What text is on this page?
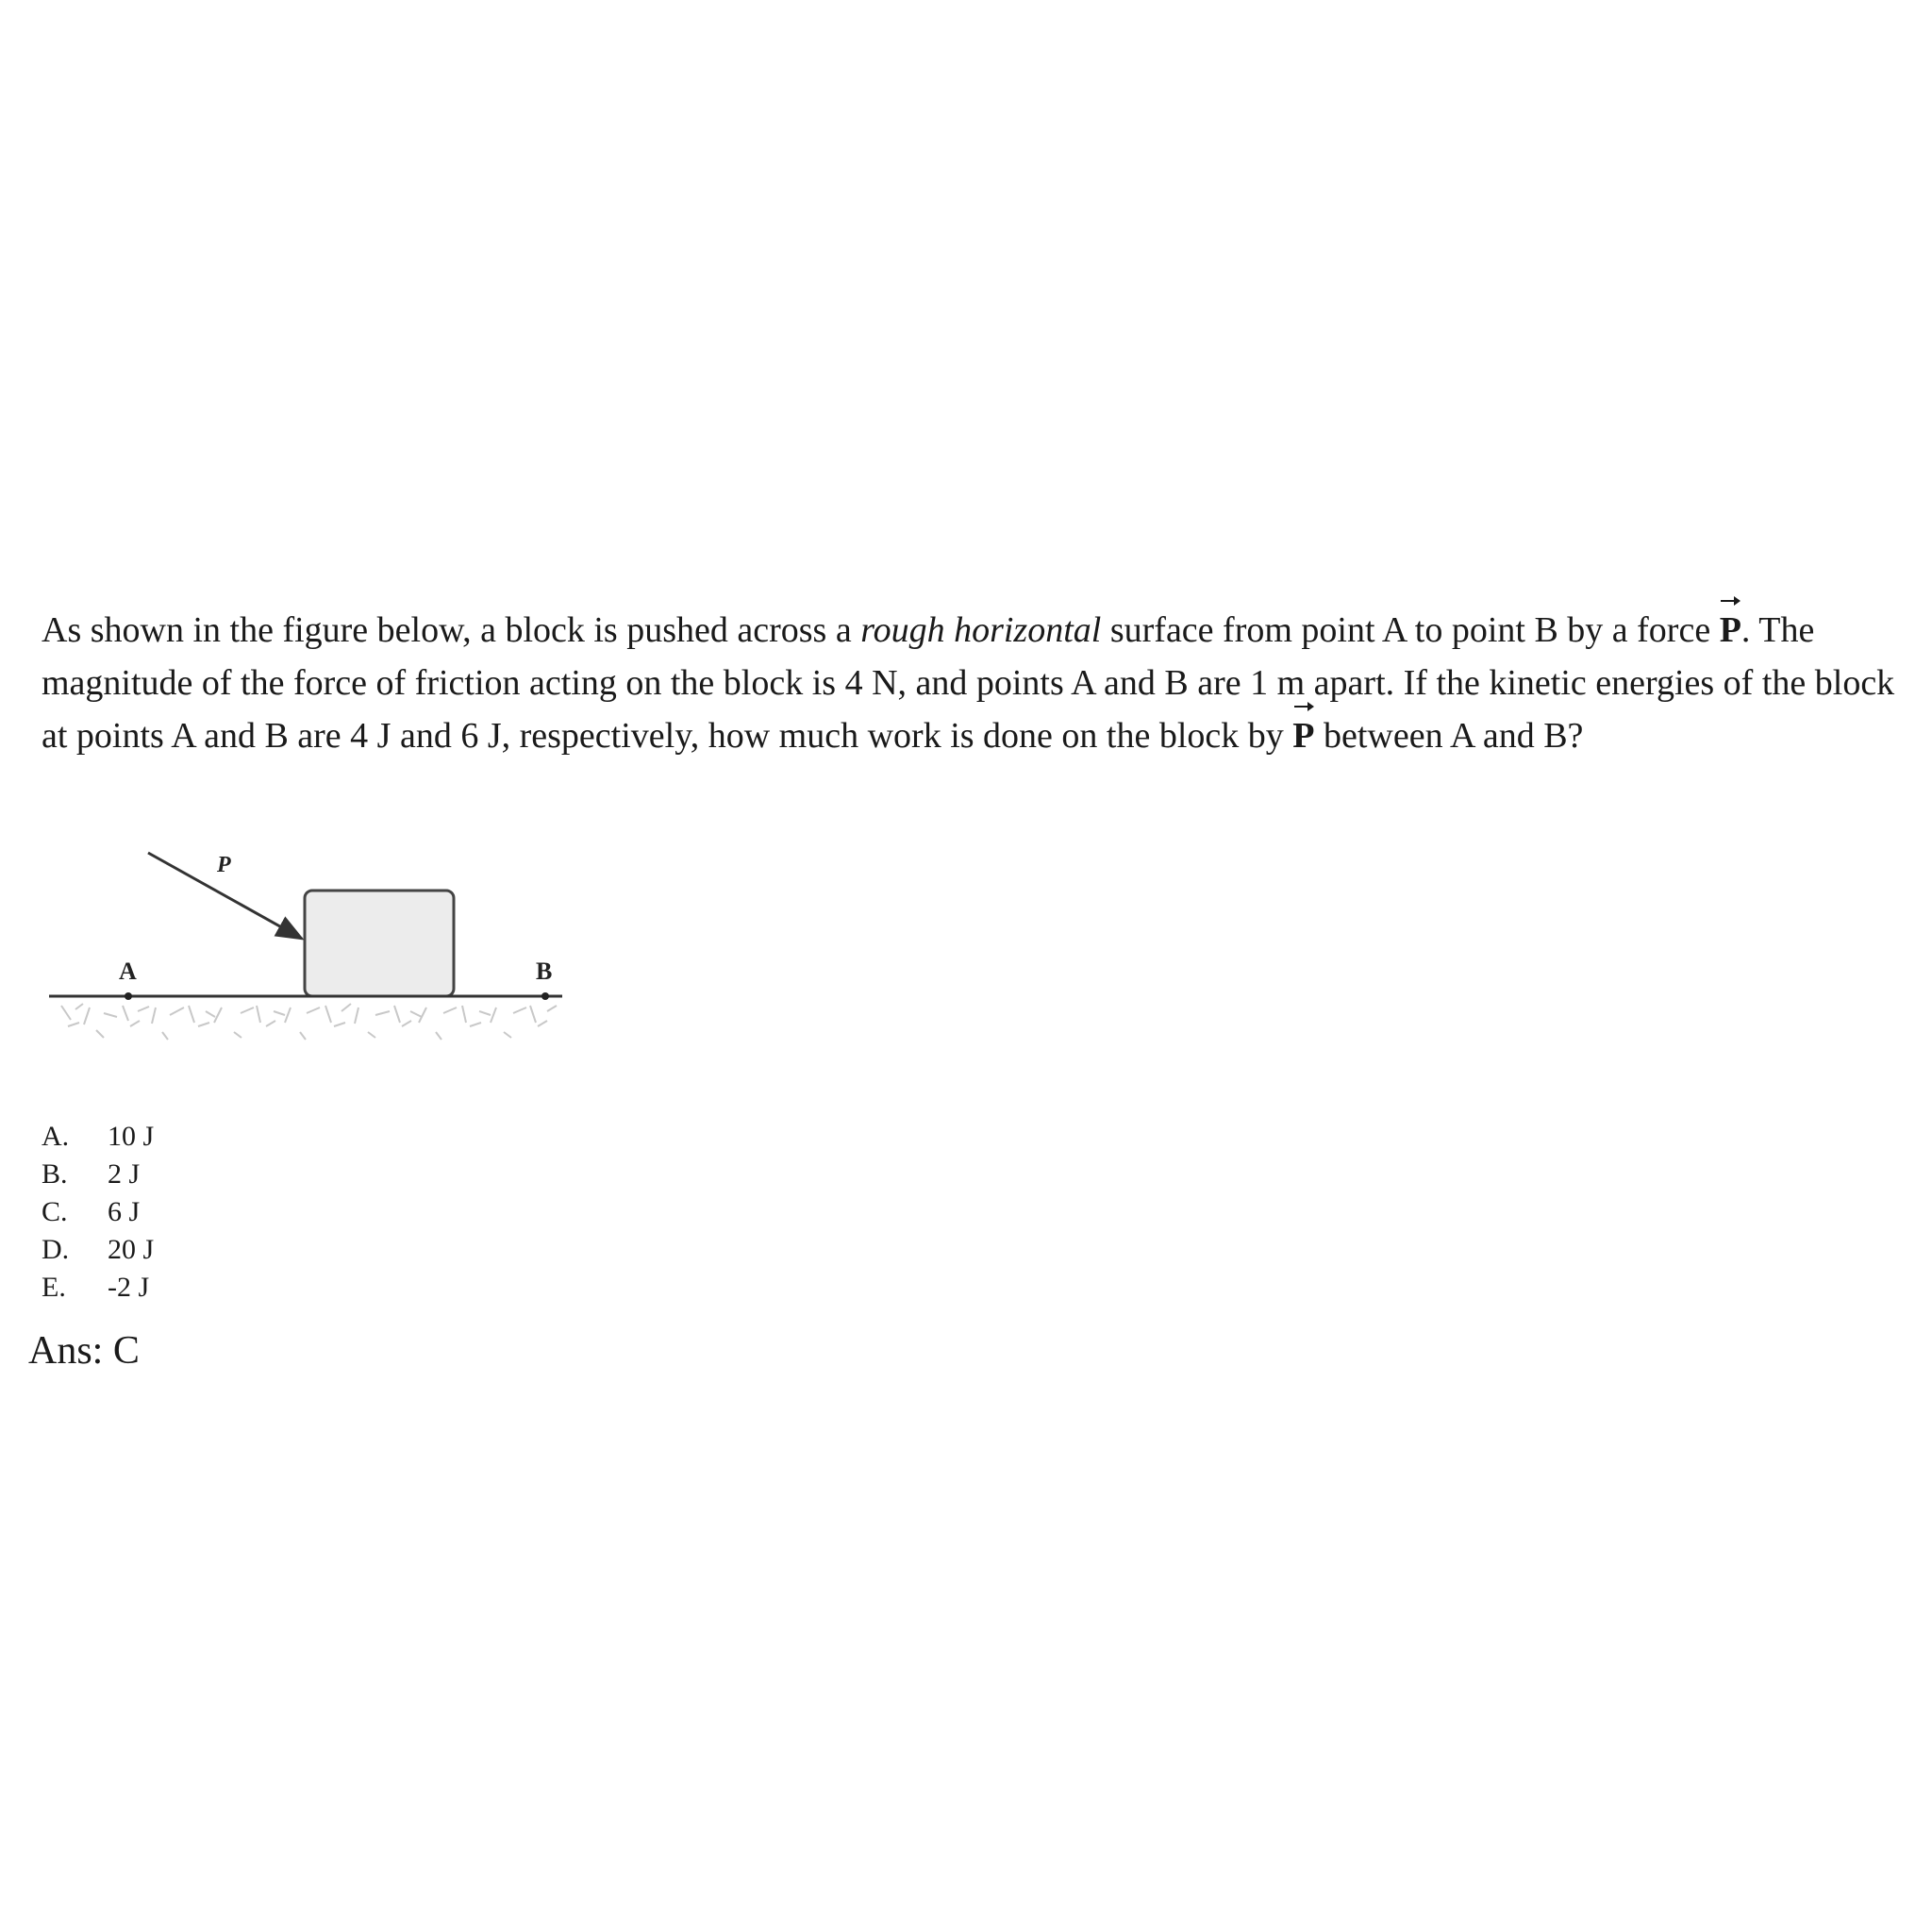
As shown in the figure below, a block is pushed across a rough horizontal surface from point A to point B by a force
P. The magnitude of the force of friction acting on the block is 4 N, and points A and B are 1 m apart. If the kinetic energies of the block at points A and B are 4 J and 6 J, respectively, how much work is done on the block by
P between A and B?

P
A	B
A.	10 J
B.	2 J
C.	6 J
D.	20 J
E.	-2 J
Ans: C
